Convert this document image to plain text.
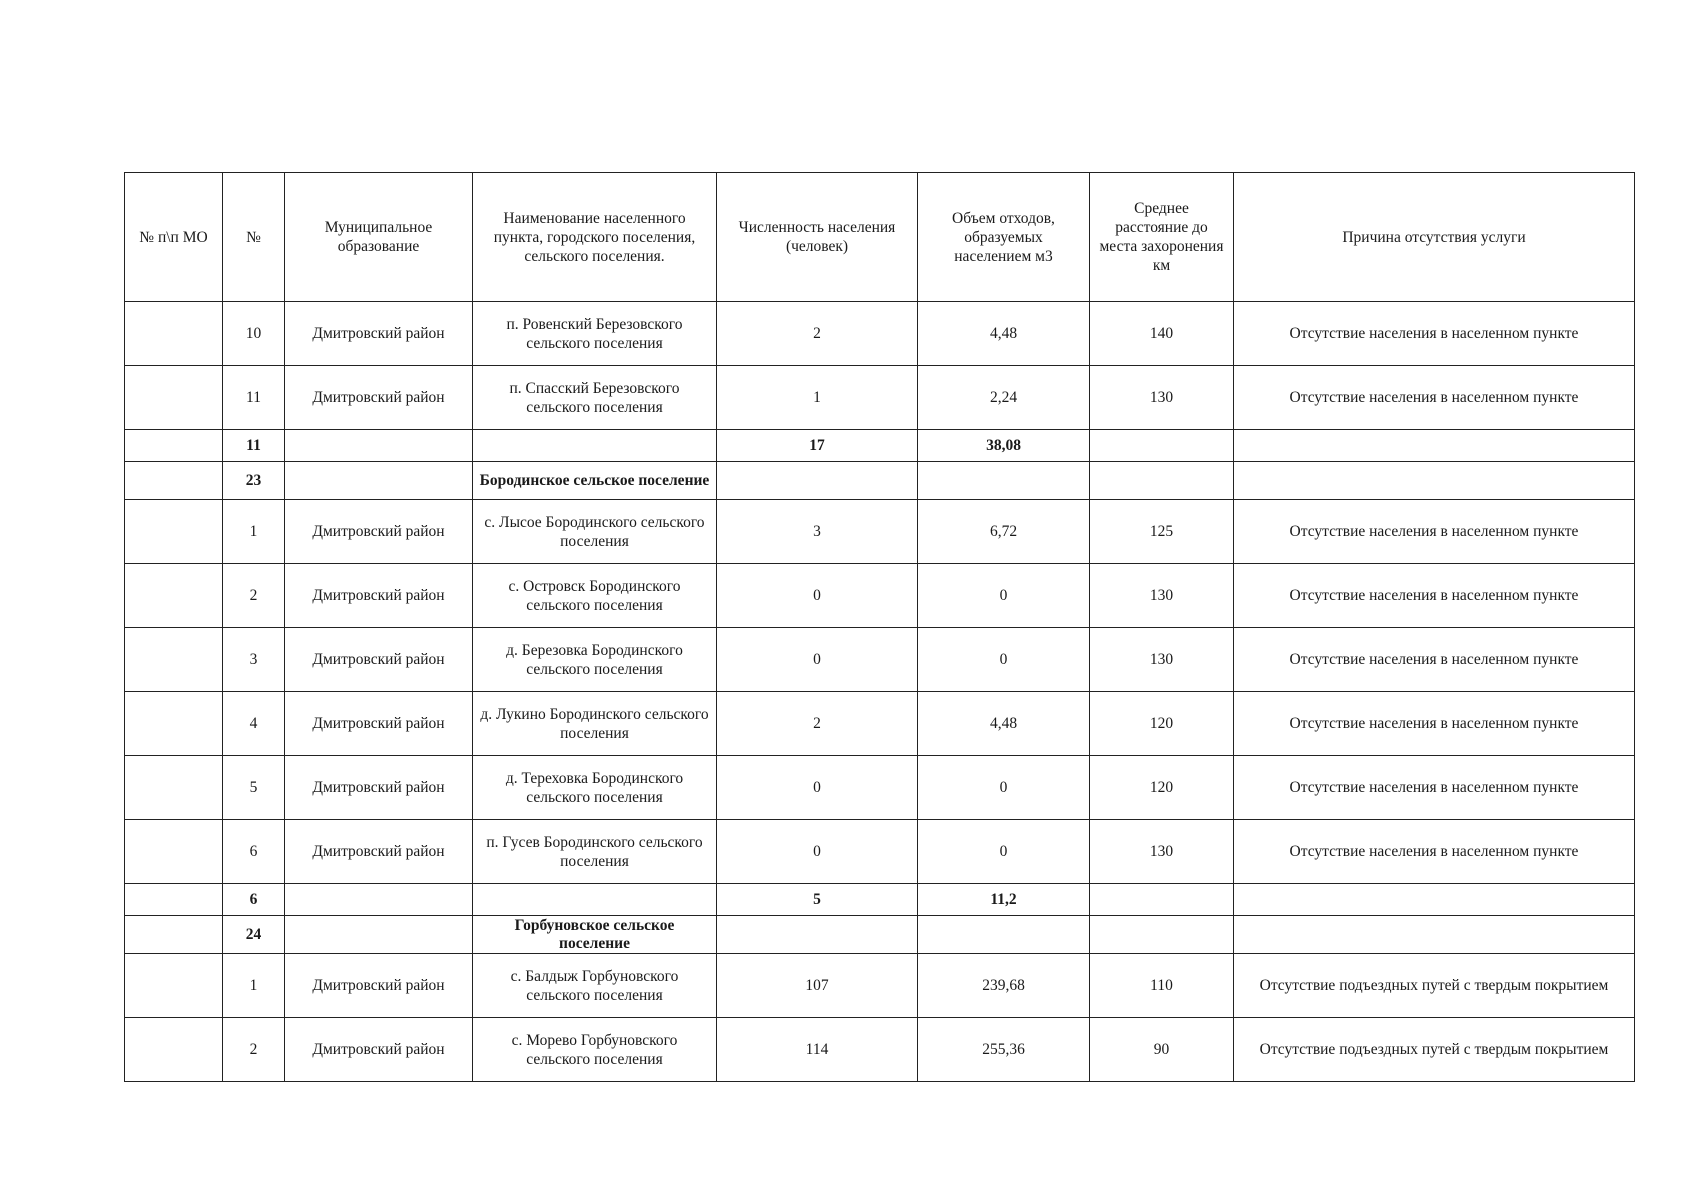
№ п\п МО	№	Муниципальное образование	Наименование населенного пункта, городского поселения, сельского поселения.	Численность населения (человек)	Объем отходов, образуемых населением м3	Среднее расстояние до места захоронения км	Причина отсутствия услуги
	10	Дмитровский район	п. Ровенский Березовского сельского поселения	2	4,48	140	Отсутствие населения в населенном пункте
	11	Дмитровский район	п. Спасский Березовского сельского поселения	1	2,24	130	Отсутствие населения в населенном пункте
	11			17	38,08		
	23		Бородинское сельское поселение				
	1	Дмитровский район	с. Лысое Бородинского сельского поселения	3	6,72	125	Отсутствие населения в населенном пункте
	2	Дмитровский район	с. Островск Бородинского сельского поселения	0	0	130	Отсутствие населения в населенном пункте
	3	Дмитровский район	д. Березовка Бородинского сельского поселения	0	0	130	Отсутствие населения в населенном пункте
	4	Дмитровский район	д. Лукино Бородинского сельского поселения	2	4,48	120	Отсутствие населения в населенном пункте
	5	Дмитровский район	д. Тереховка Бородинского сельского поселения	0	0	120	Отсутствие населения в населенном пункте
	6	Дмитровский район	п. Гусев Бородинского сельского поселения	0	0	130	Отсутствие населения в населенном пункте
	6			5	11,2		
	24		Горбуновское сельское поселение				
	1	Дмитровский район	с. Балдыж Горбуновского сельского поселения	107	239,68	110	Отсутствие подъездных путей с твердым покрытием
	2	Дмитровский район	с. Морево Горбуновского сельского поселения	114	255,36	90	Отсутствие подъездных путей с твердым покрытием
